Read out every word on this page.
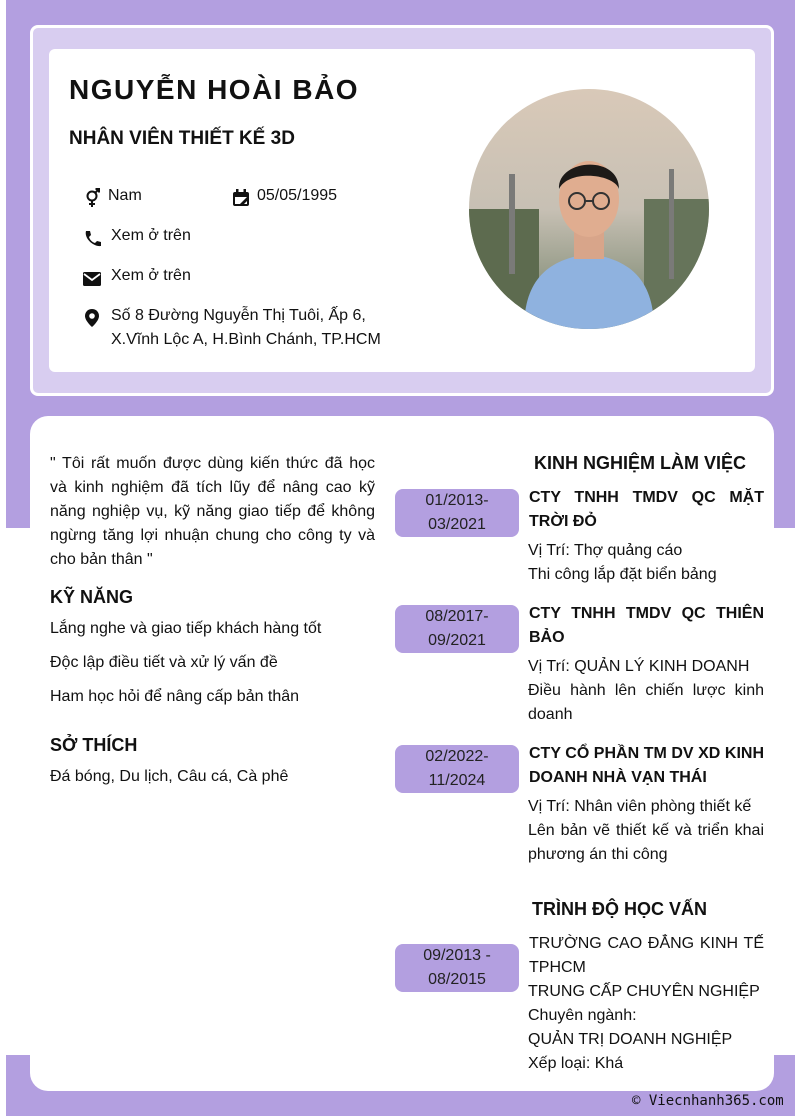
NGUYỄN HOÀI BẢO
NHÂN VIÊN THIẾT KẾ 3D
Nam	05/05/1995
Xem ở trên
Xem ở trên
Số 8 Đường Nguyễn Thị Tuôi, Ấp 6,
X.Vĩnh Lộc A, H.Bình Chánh, TP.HCM
" Tôi rất muốn được dùng kiến thức đã học và kinh nghiệm đã tích lũy để nâng cao kỹ năng nghiệp vụ, kỹ năng giao tiếp để không ngừng tăng lợi nhuận chung cho công ty và cho bản thân "
KỸ NĂNG
Lắng nghe và giao tiếp khách hàng tốt
Độc lập điều tiết và xử lý vấn đề
Ham học hỏi để nâng cấp bản thân
SỞ THÍCH
Đá bóng, Du lịch, Câu cá, Cà phê
KINH NGHIỆM LÀM VIỆC
01/2013-
03/2021
CTY TNHH TMDV QC MẶT TRỜI ĐỎ
Vị Trí: Thợ quảng cáo
Thi công lắp đặt biển bảng
08/2017-
09/2021
CTY TNHH TMDV QC THIÊN BẢO
Vị Trí: QUẢN LÝ KINH DOANH
Điều hành lên chiến lược kinh doanh
02/2022-
11/2024
CTY CỔ PHẦN TM DV XD KINH DOANH NHÀ VẠN THÁI
Vị Trí: Nhân viên phòng thiết kế
Lên bản vẽ thiết kế và triển khai phương án thi công
TRÌNH ĐỘ HỌC VẤN
09/2013 -
08/2015
TRƯỜNG CAO ĐẲNG KINH TẾ TPHCM
TRUNG CẤP CHUYÊN NGHIỆP
Chuyên ngành:
QUẢN TRỊ DOANH NGHIỆP
Xếp loại: Khá
© Viecnhanh365.com
